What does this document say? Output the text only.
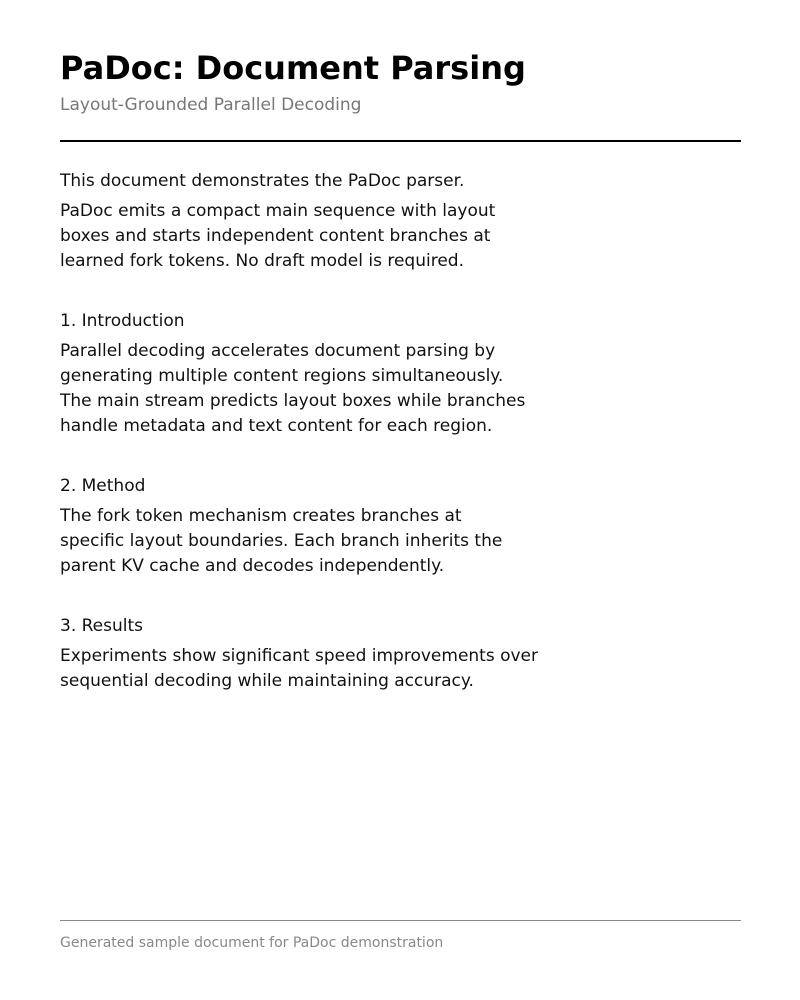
PaDoc: Document Parsing

Layout-Grounded Parallel Decoding

This document demonstrates the PaDoc parser.

PaDoc emits a compact main sequence with layout
boxes and starts independent content branches at
learned fork tokens. No draft model is required.

1. Introduction

Parallel decoding accelerates document parsing by
generating multiple content regions simultaneously.
The main stream predicts layout boxes while branches
handle metadata and text content for each region.

2. Method

The fork token mechanism creates branches at
specific layout boundaries. Each branch inherits the
parent KV cache and decodes independently.

3. Results

Experiments show significant speed improvements over
sequential decoding while maintaining accuracy.

Generated sample document for PaDoc demonstration
